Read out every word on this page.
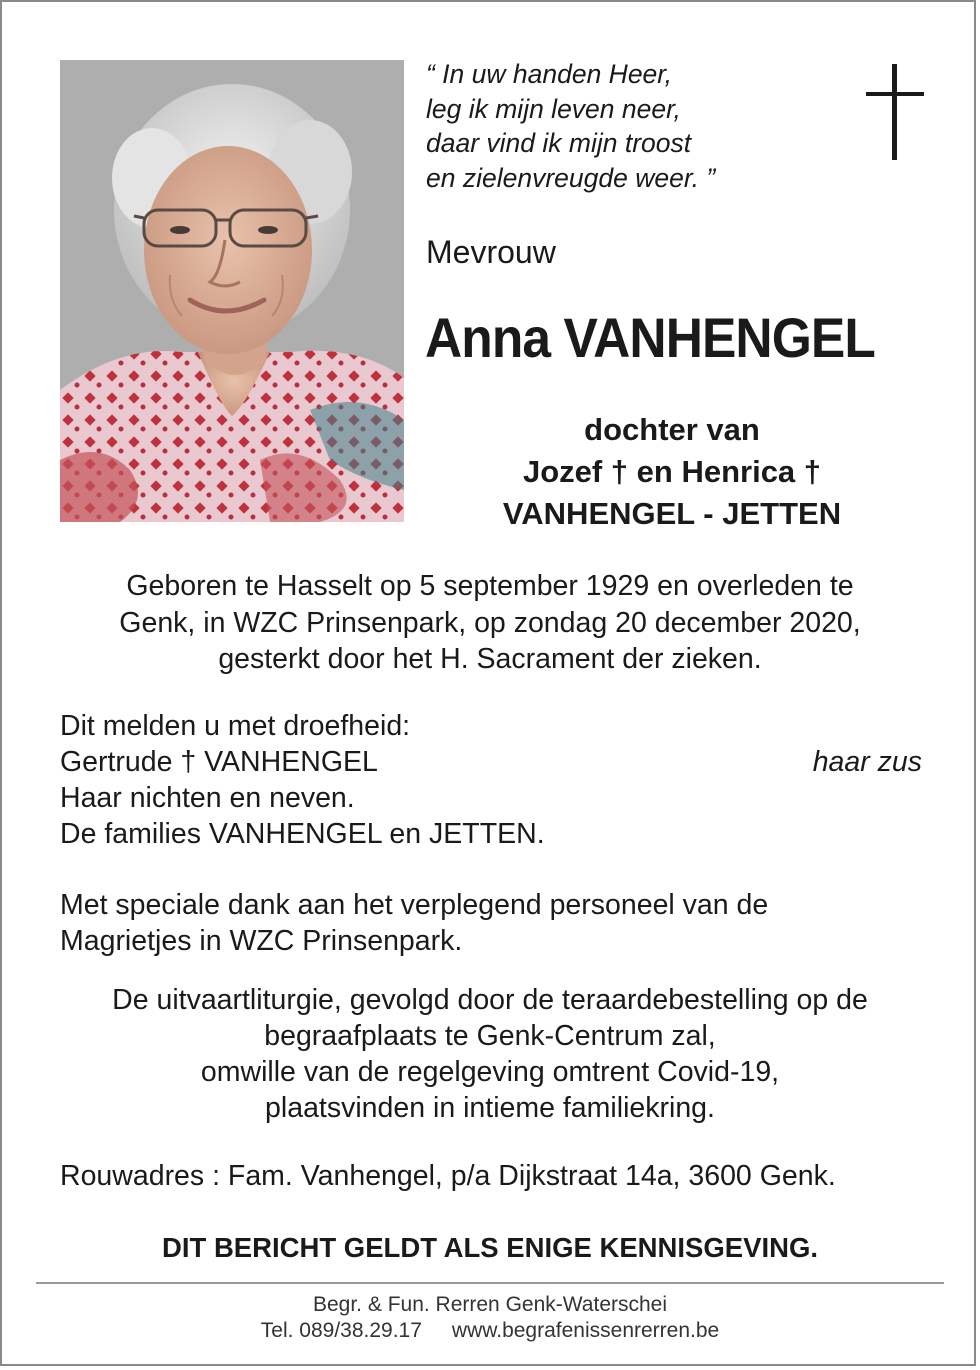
“ In uw handen Heer,
leg ik mijn leven neer,
daar vind ik mijn troost
en zielenvreugde weer. ”
Mevrouw
Anna VANHENGEL
dochter van
Jozef † en Henrica †
VANHENGEL - JETTEN
Geboren te Hasselt op 5 september 1929 en overleden te
Genk, in WZC Prinsenpark, op zondag 20 december 2020,
gesterkt door het H. Sacrament der zieken.
Dit melden u met droefheid:
Gertrude † VANHENGEL	haar zus
Haar nichten en neven.
De families VANHENGEL en JETTEN.
Met speciale dank aan het verplegend personeel van de
Magrietjes in WZC Prinsenpark.
De uitvaartliturgie, gevolgd door de teraardebestelling op de
begraafplaats te Genk-Centrum zal,
omwille van de regelgeving omtrent Covid-19,
plaatsvinden in intieme familiekring.
Rouwadres : Fam. Vanhengel, p/a Dijkstraat 14a, 3600 Genk.
DIT BERICHT GELDT ALS ENIGE KENNISGEVING.
Begr. & Fun. Rerren Genk-Waterschei
Tel. 089/38.29.17 www.begrafenissenrerren.be
